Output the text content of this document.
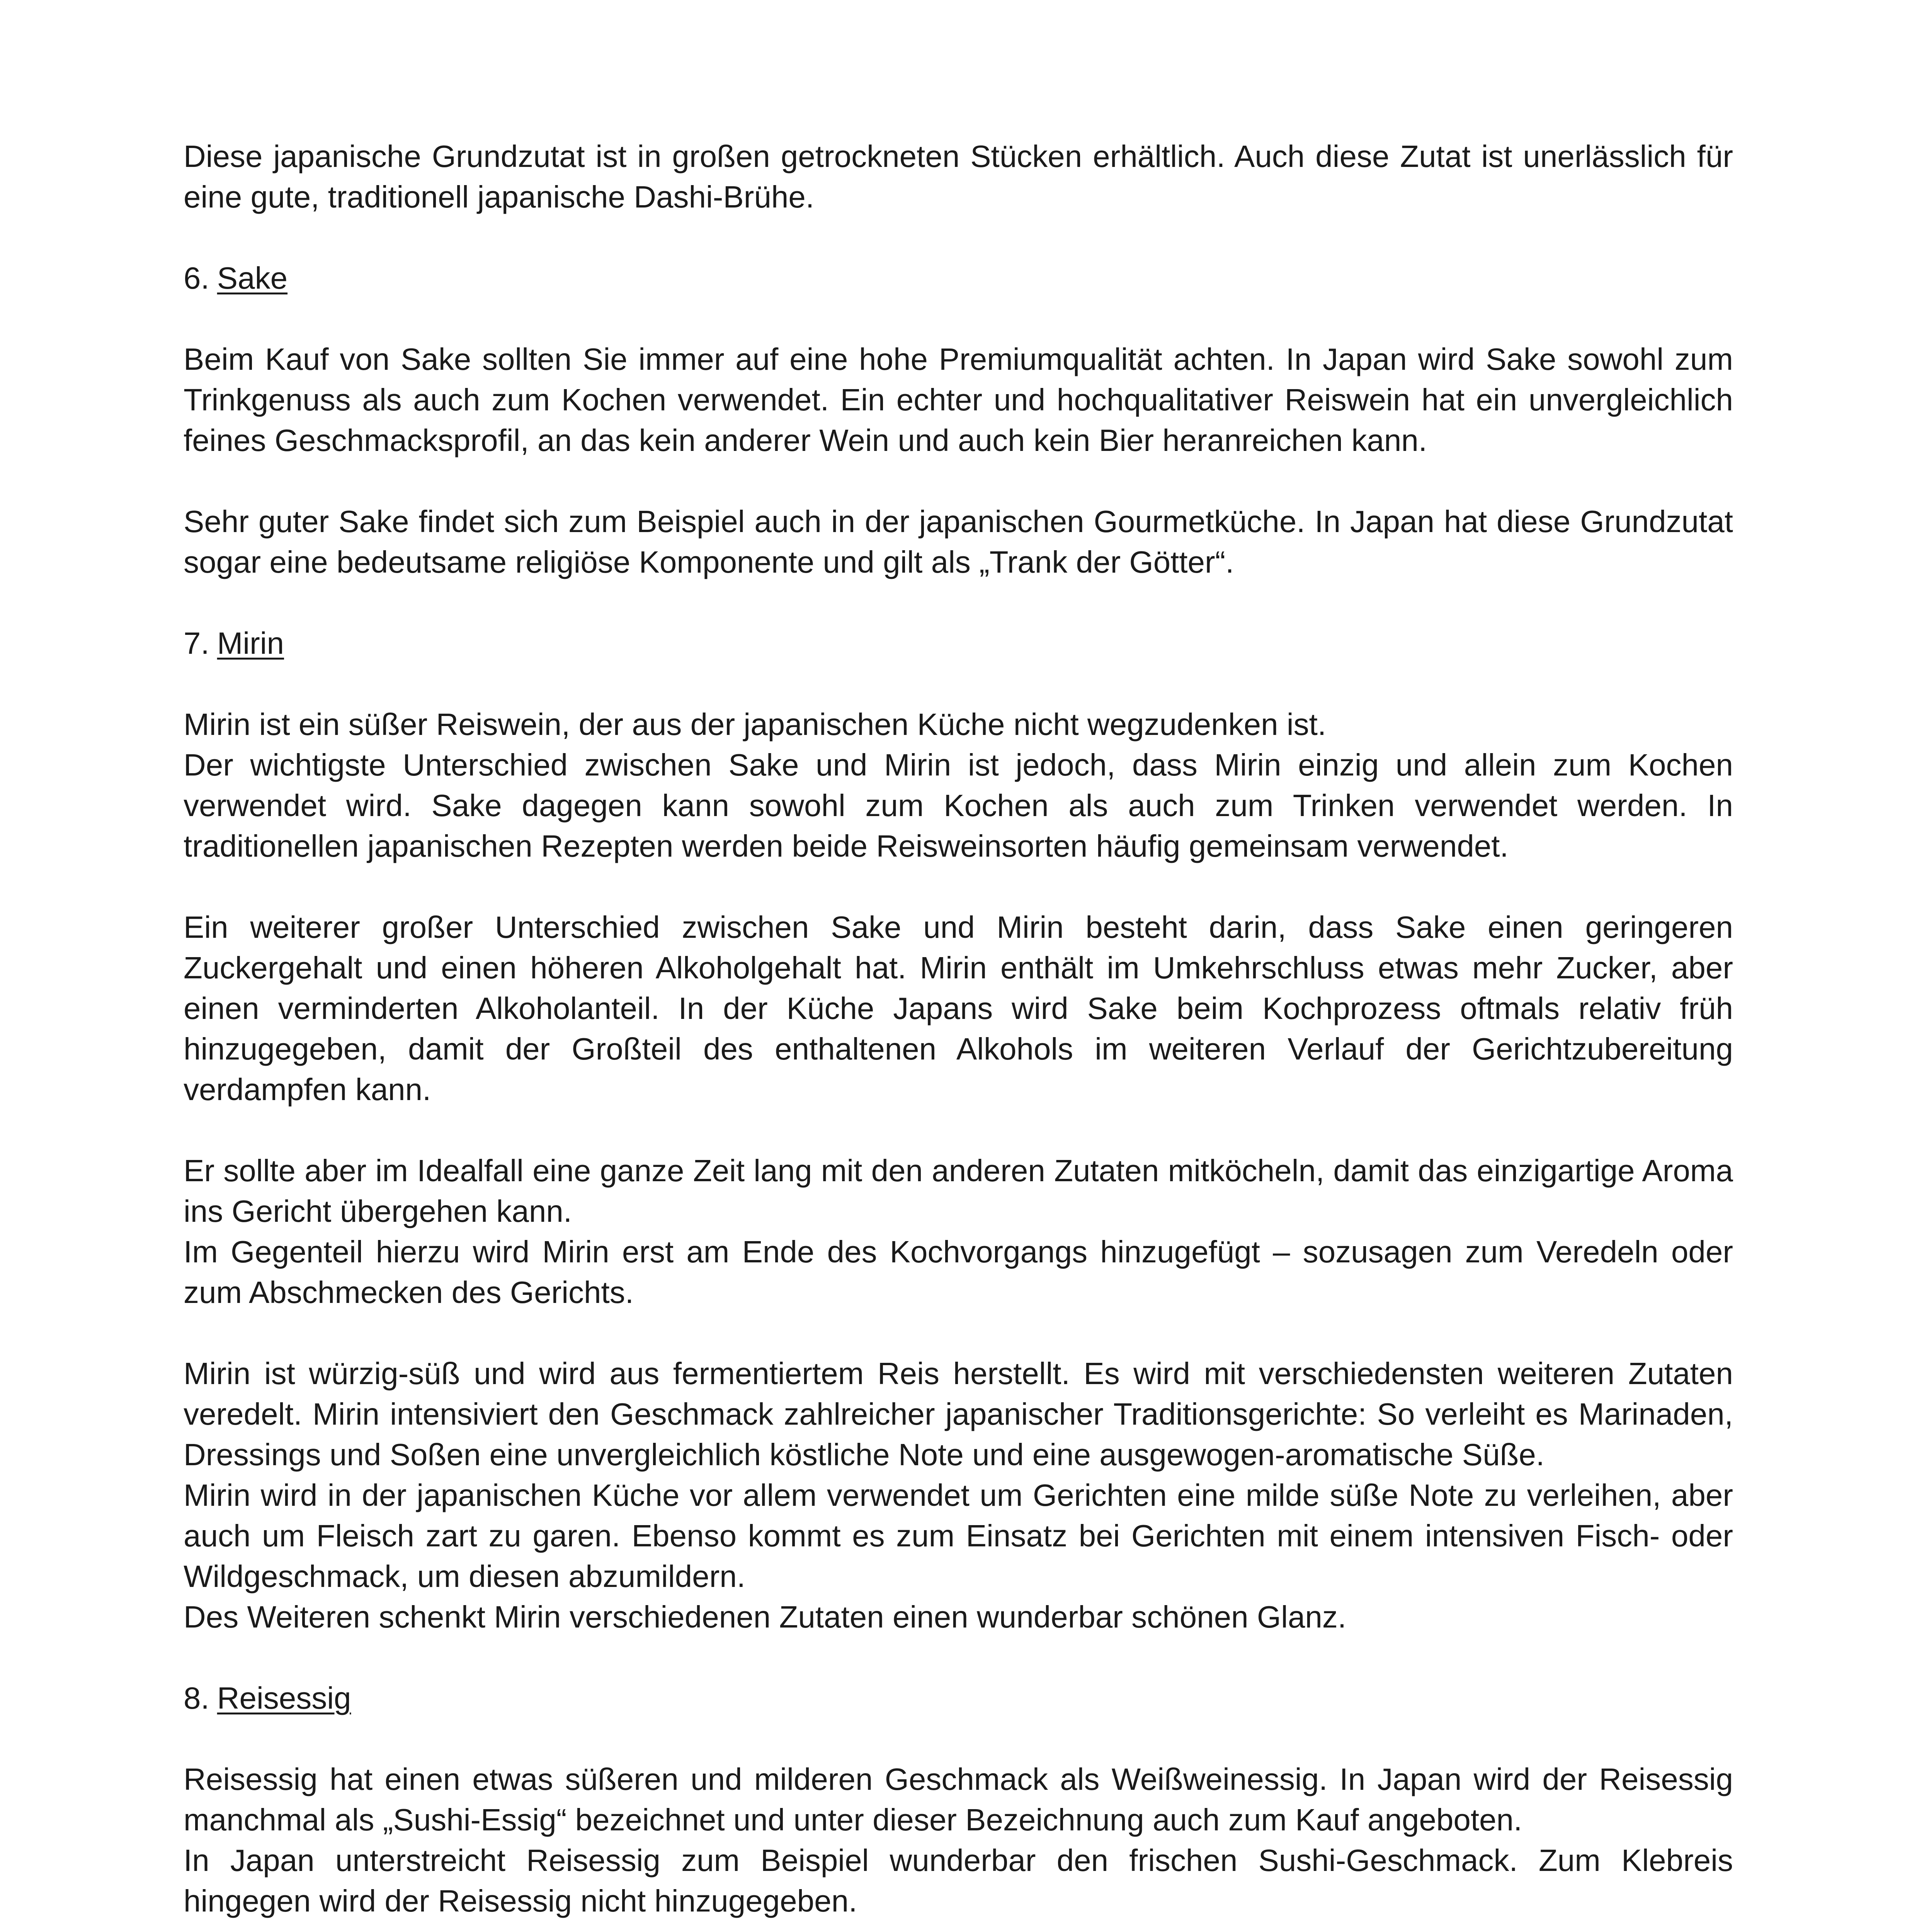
Diese japanische Grundzutat ist in großen getrockneten Stücken erhältlich. Auch diese Zutat ist unerlässlich für eine gute, traditionell japanische Dashi-Brühe.

6. Sake

Beim Kauf von Sake sollten Sie immer auf eine hohe Premiumqualität achten. In Japan wird Sake sowohl zum Trinkgenuss als auch zum Kochen verwendet. Ein echter und hochqualitativer Reiswein hat ein unvergleichlich feines Geschmacksprofil, an das kein anderer Wein und auch kein Bier heranreichen kann.

Sehr guter Sake findet sich zum Beispiel auch in der japanischen Gourmetküche. In Japan hat diese Grundzutat sogar eine bedeutsame religiöse Komponente und gilt als „Trank der Götter“.

7. Mirin
Mirin ist ein süßer Reiswein, der aus der japanischen Küche nicht wegzudenken ist.
Der wichtigste Unterschied zwischen Sake und Mirin ist jedoch, dass Mirin einzig und allein zum Kochen verwendet wird. Sake dagegen kann sowohl zum Kochen als auch zum Trinken verwendet werden. In traditionellen japanischen Rezepten werden beide Reisweinsorten häufig gemeinsam verwendet.

Ein weiterer großer Unterschied zwischen Sake und Mirin besteht darin, dass Sake einen geringeren Zuckergehalt und einen höheren Alkoholgehalt hat. Mirin enthält im Umkehrschluss etwas mehr Zucker, aber einen verminderten Alkoholanteil. In der Küche Japans wird Sake beim Kochprozess oftmals relativ früh hinzugegeben, damit der Großteil des enthaltenen Alkohols im weiteren Verlauf der Gerichtzubereitung verdampfen kann.

Er sollte aber im Idealfall eine ganze Zeit lang mit den anderen Zutaten mitköcheln, damit das einzigartige Aroma ins Gericht übergehen kann.
Im Gegenteil hierzu wird Mirin erst am Ende des Kochvorgangs hinzugefügt – sozusagen zum Veredeln oder zum Abschmecken des Gerichts.
Mirin ist würzig-süß und wird aus fermentiertem Reis herstellt. Es wird mit verschiedensten weiteren Zutaten veredelt. Mirin intensiviert den Geschmack zahlreicher japanischer Traditionsgerichte: So verleiht es Marinaden, Dressings und Soßen eine unvergleichlich köstliche Note und eine ausgewogen-aromatische Süße.
Mirin wird in der japanischen Küche vor allem verwendet um Gerichten eine milde süße Note zu verleihen, aber auch um Fleisch zart zu garen. Ebenso kommt es zum Einsatz bei Gerichten mit einem intensiven Fisch- oder Wildgeschmack, um diesen abzumildern.
Des Weiteren schenkt Mirin verschiedenen Zutaten einen wunderbar schönen Glanz.
8. Reisessig
Reisessig hat einen etwas süßeren und milderen Geschmack als Weißweinessig. In Japan wird der Reisessig manchmal als „Sushi-Essig“ bezeichnet und unter dieser Bezeichnung auch zum Kauf angeboten.
In Japan unterstreicht Reisessig zum Beispiel wunderbar den frischen Sushi-Geschmack. Zum Klebreis hingegen wird der Reisessig nicht hinzugegeben.
